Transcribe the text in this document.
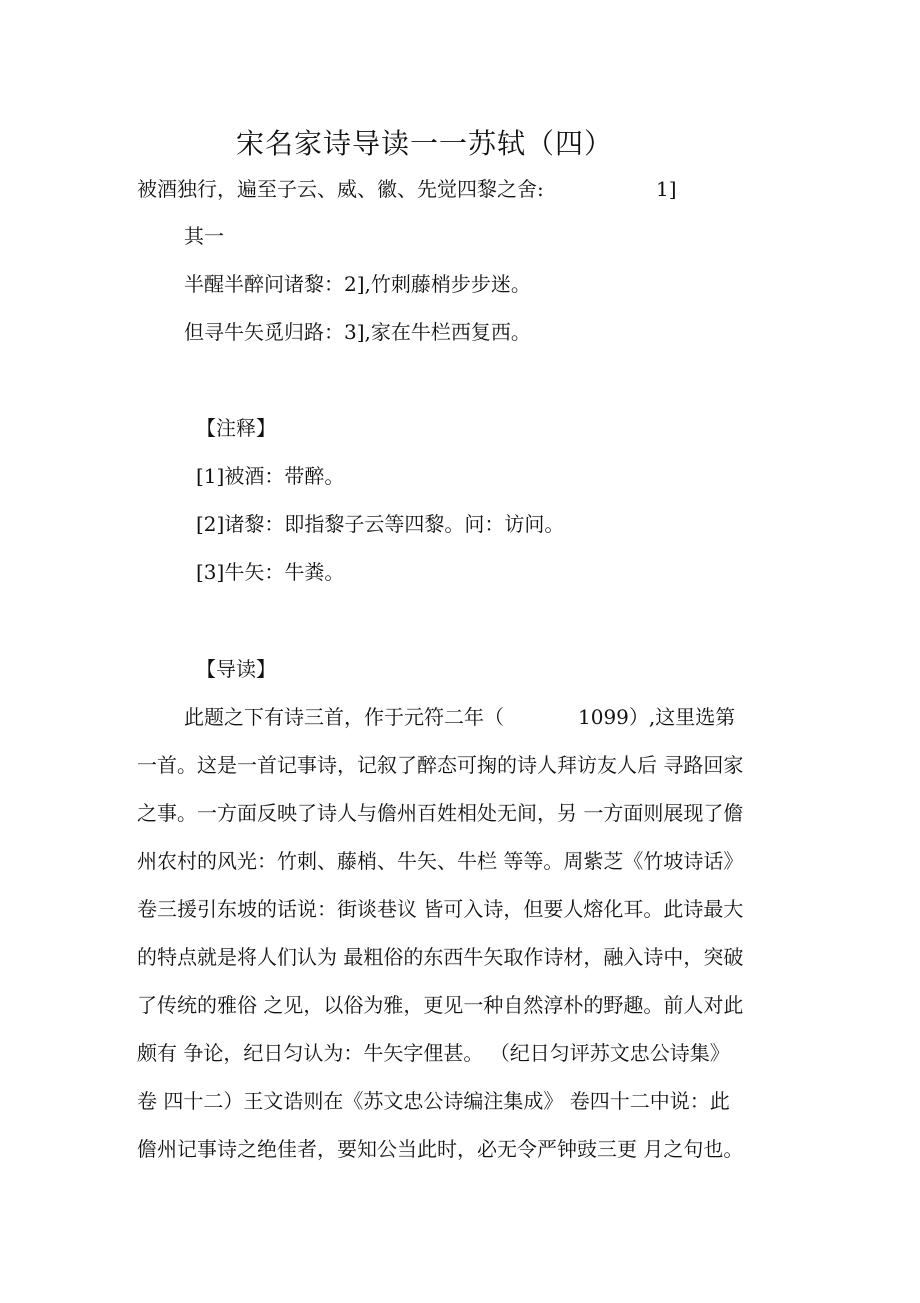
宋名家诗导读一一苏轼（四）
被酒独行，遍至子云、威、徽、先觉四黎之舍:	1]
其一
半醒半醉问诸黎：2],竹刺藤梢步步迷。
但寻牛矢觅归路：3],家在牛栏西复西。
【注释】
[1]被酒：带醉。
[2]诸黎：即指黎子云等四黎。问：访问。
[3]牛矢：牛粪。
【导读】
此题之下有诗三首，作于元符二年（	1099）,这里选第
一首。这是一首记事诗，记叙了醉态可掬的诗人拜访友人后 寻路回家
之事。一方面反映了诗人与儋州百姓相处无间，另 一方面则展现了儋
州农村的风光：竹刺、藤梢、牛矢、牛栏 等等。周紫芝《竹坡诗话》
卷三援引东坡的话说：街谈巷议 皆可入诗，但要人熔化耳。此诗最大
的特点就是将人们认为 最粗俗的东西牛矢取作诗材，融入诗中，突破
了传统的雅俗 之见，以俗为雅，更见一种自然淳朴的野趣。前人对此
颇有 争论，纪日匀认为：牛矢字俚甚。 （纪日匀评苏文忠公诗集》
卷 四十二）王文诰则在《苏文忠公诗编注集成》 卷四十二中说：此
儋州记事诗之绝佳者，要知公当此时，必无令严钟豉三更 月之句也。
